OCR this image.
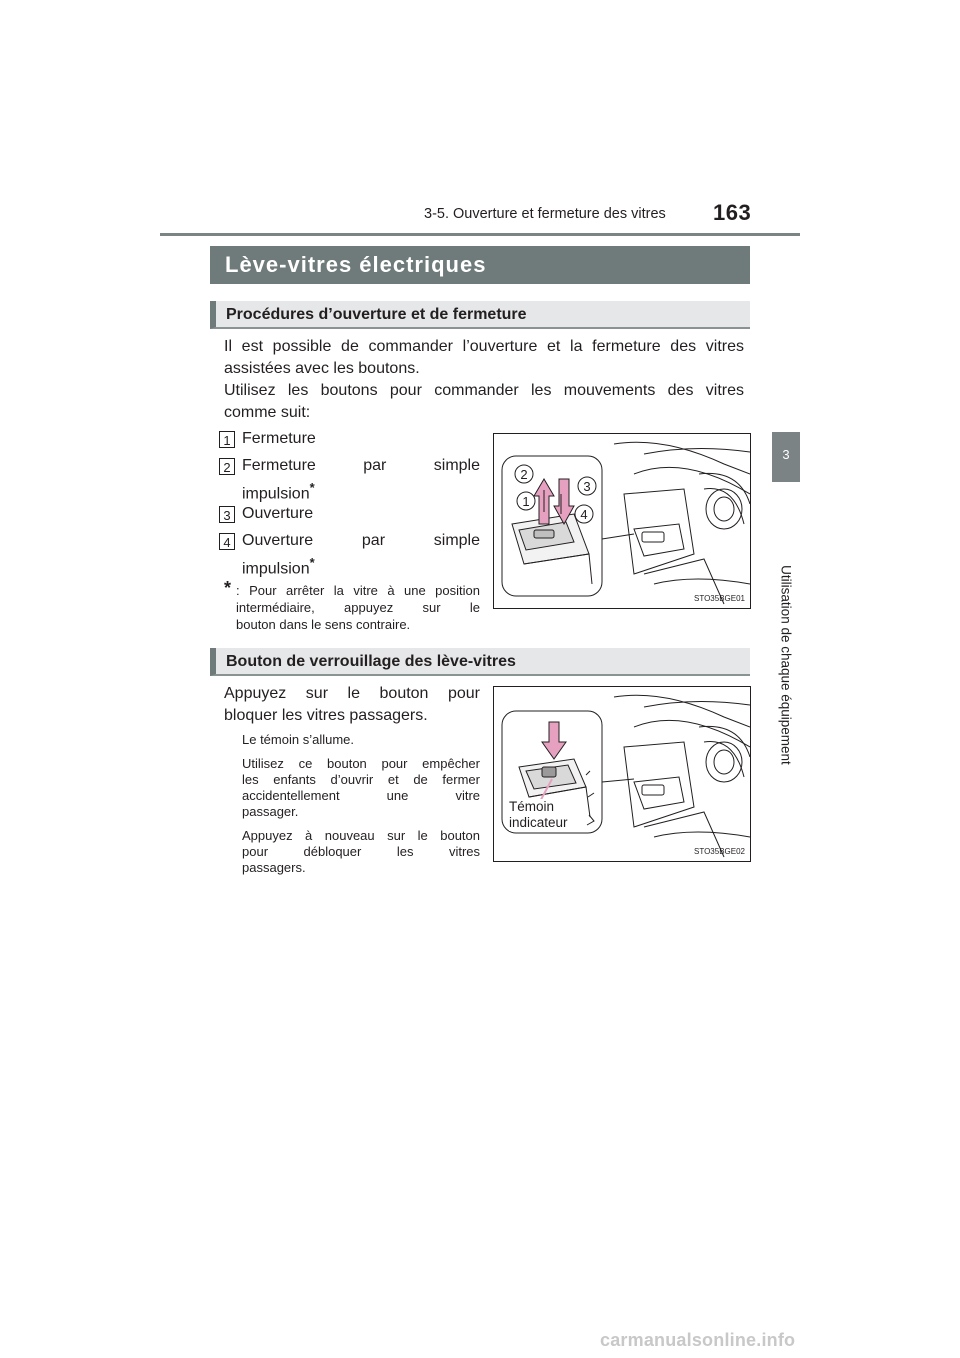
3-5. Ouverture et fermeture des vitres 163
3
Utilisation de chaque équipement
Lève-vitres électriques
Procédures d’ouverture et de fermeture
Il est possible de commander l’ouverture et la fermeture des vitres
assistées avec les boutons.
Utilisez les boutons pour commander les mouvements des vitres
comme suit:
1 Fermeture
2 Fermeture par simple
impulsion*
3 Ouverture
4 Ouverture par simple
impulsion*
* : Pour arrêter la vitre à une position
intermédiaire, appuyez sur le
bouton dans le sens contraire.
2
3
1
4
STO35BGE01
Bouton de verrouillage des lève-vitres
Appuyez sur le bouton pour
bloquer les vitres passagers.
Le témoin s’allume.
Utilisez ce bouton pour empêcher
les enfants d’ouvrir et de fermer
accidentellement une vitre
passager.
Appuyez à nouveau sur le bouton
pour débloquer les vitres
passagers.
Témoin
indicateur
STO35BGE02
carmanualsonline.info
